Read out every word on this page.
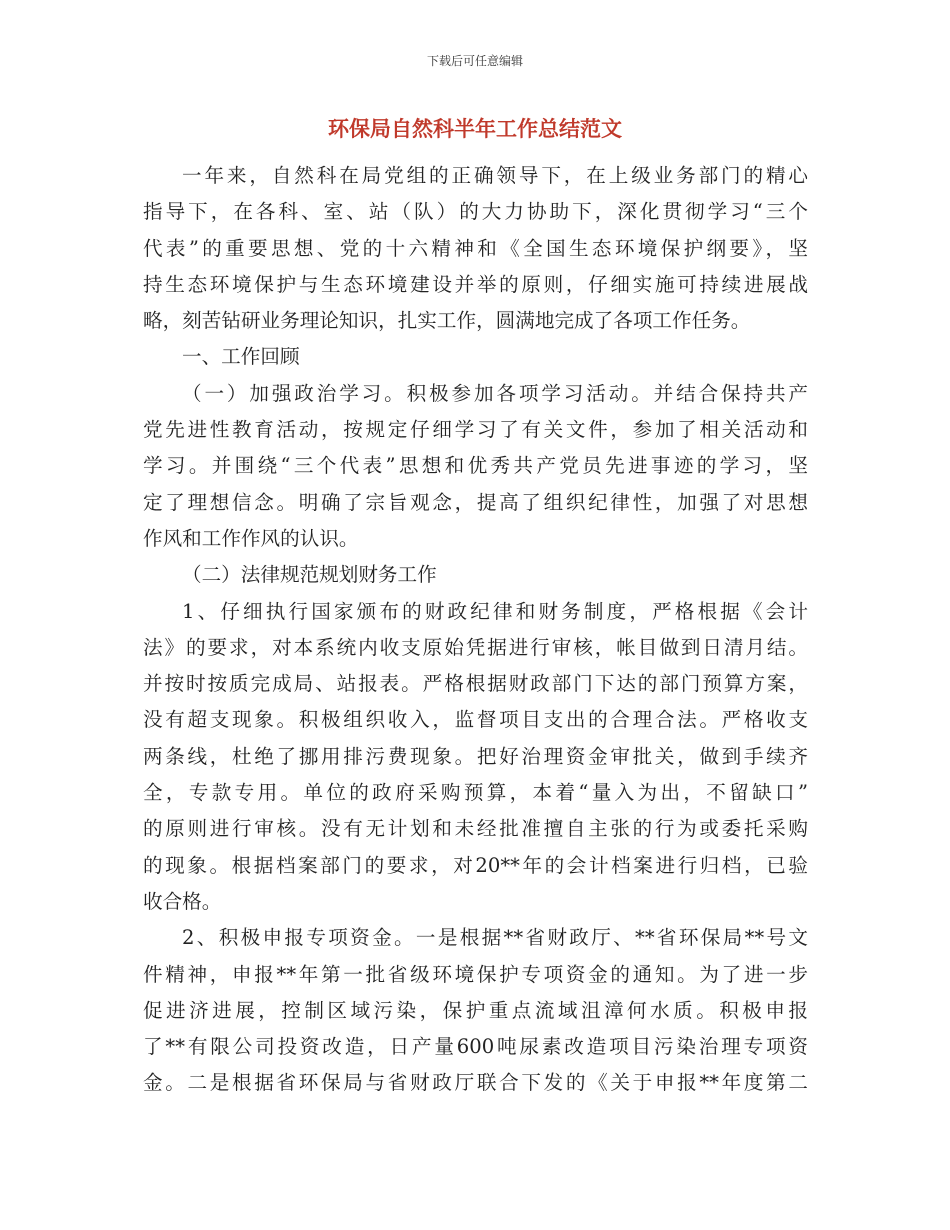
下载后可任意编辑
环保局自然科半年工作总结范文
一年来，自然科在局党组的正确领导下，在上级业务部门的精心
指导下，在各科、室、站（队）的大力协助下，深化贯彻学习“三个
代表”的重要思想、党的十六精神和《全国生态环境保护纲要》，坚
持生态环境保护与生态环境建设并举的原则，仔细实施可持续进展战
略，刻苦钻研业务理论知识，扎实工作，圆满地完成了各项工作任务。
一、工作回顾
（一）加强政治学习。积极参加各项学习活动。并结合保持共产
党先进性教育活动，按规定仔细学习了有关文件，参加了相关活动和
学习。并围绕“三个代表”思想和优秀共产党员先进事迹的学习，坚
定了理想信念。明确了宗旨观念，提高了组织纪律性，加强了对思想
作风和工作作风的认识。
（二）法律规范规划财务工作
1、仔细执行国家颁布的财政纪律和财务制度，严格根据《会计
法》的要求，对本系统内收支原始凭据进行审核，帐目做到日清月结。
并按时按质完成局、站报表。严格根据财政部门下达的部门预算方案，
没有超支现象。积极组织收入，监督项目支出的合理合法。严格收支
两条线，杜绝了挪用排污费现象。把好治理资金审批关，做到手续齐
全，专款专用。单位的政府采购预算，本着“量入为出，不留缺口”
的原则进行审核。没有无计划和未经批准擅自主张的行为或委托采购
的现象。根据档案部门的要求，对20**年的会计档案进行归档，已验
收合格。
2、积极申报专项资金。一是根据**省财政厅、**省环保局**号文
件精神，申报**年第一批省级环境保护专项资金的通知。为了进一步
促进济进展，控制区域污染，保护重点流域沮漳何水质。积极申报
了**有限公司投资改造，日产量600吨尿素改造项目污染治理专项资
金。二是根据省环保局与省财政厅联合下发的《关于申报**年度第二
